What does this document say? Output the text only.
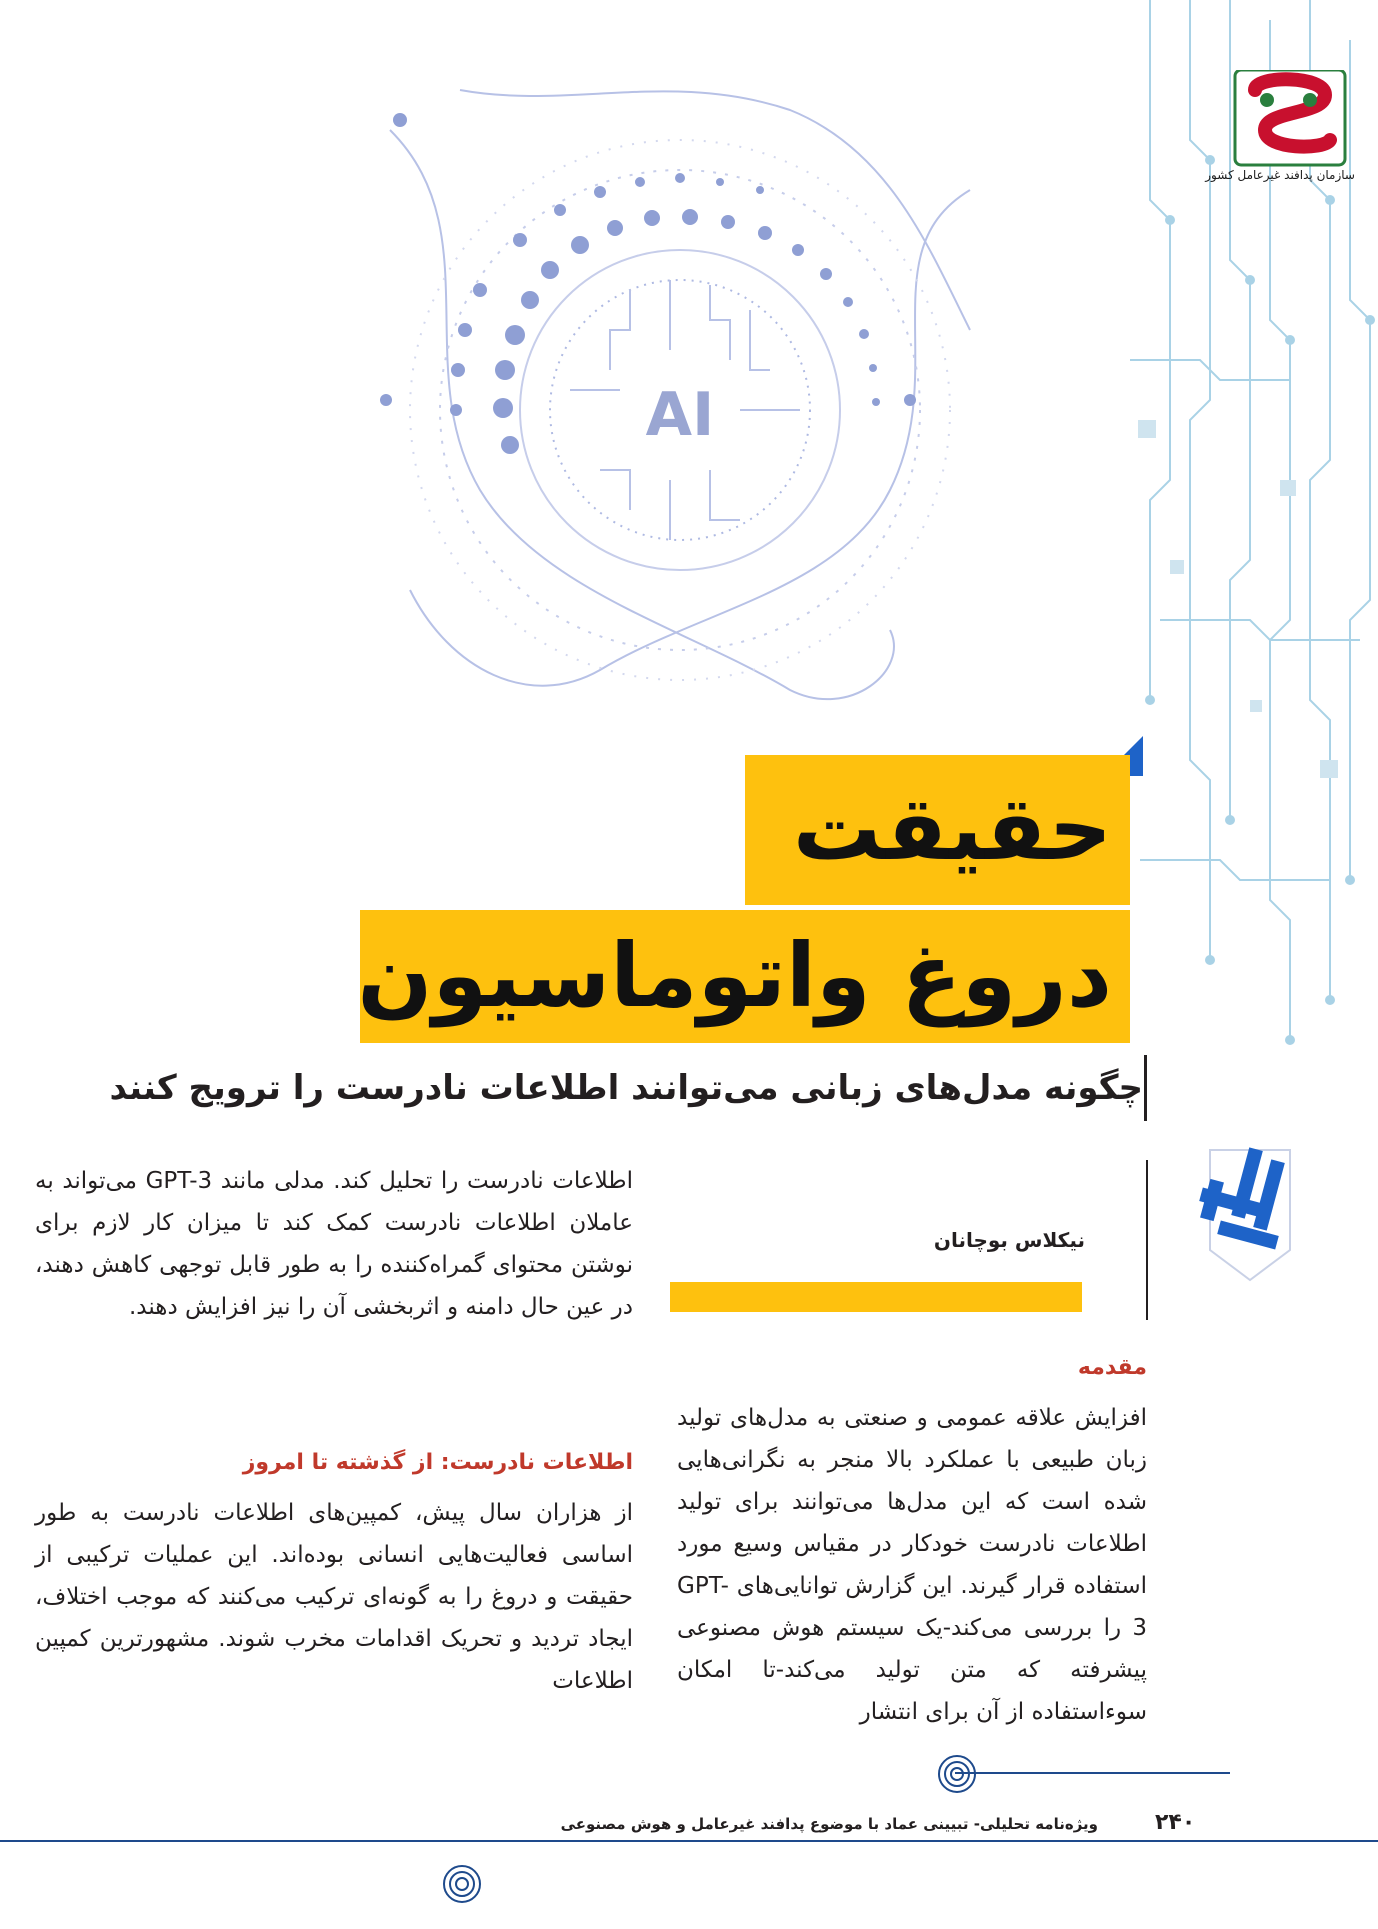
AI
سازمان پدافند غیرعامل کشور
حقیقت
دروغ واتوماسیون
چگونه مدل‌های زبانی می‌توانند اطلاعات نادرست را ترویج کنند
نیکلاس بوچانان
مقدمه
افزایش علاقه عمومی و صنعتی به مدل‌های تولید زبان طبیعی با عملکرد بالا منجر به نگرانی‌هایی شده است که این مدل‌ها می‌توانند برای تولید اطلاعات نادرست خودکار در مقیاس وسیع مورد استفاده قرار گیرند. این گزارش توانایی‌های GPT-3 را بررسی می‌کند-یک سیستم هوش مصنوعی پیشرفته که متن تولید می‌کند-تا امکان سوءاستفاده از آن برای انتشار
اطلاعات نادرست را تحلیل کند. مدلی مانند GPT-3 می‌تواند به عاملان اطلاعات نادرست کمک کند تا میزان کار لازم برای نوشتن محتوای گمراه‌کننده را به طور قابل توجهی کاهش دهند، در عین حال دامنه و اثربخشی آن را نیز افزایش دهند.
اطلاعات نادرست: از گذشته تا امروز
از هزاران سال پیش، کمپین‌های اطلاعات نادرست به طور اساسی فعالیت‌هایی انسانی بوده‌اند. این عملیات ترکیبی از حقیقت و دروغ را به گونه‌ای ترکیب می‌کنند که موجب اختلاف، ایجاد تردید و تحریک اقدامات مخرب شوند. مشهورترین کمپین اطلاعات
۲۴۰
ویژه‌نامه تحلیلی- تبیینی عماد با موضوع پدافند غیرعامل و هوش مصنوعی
